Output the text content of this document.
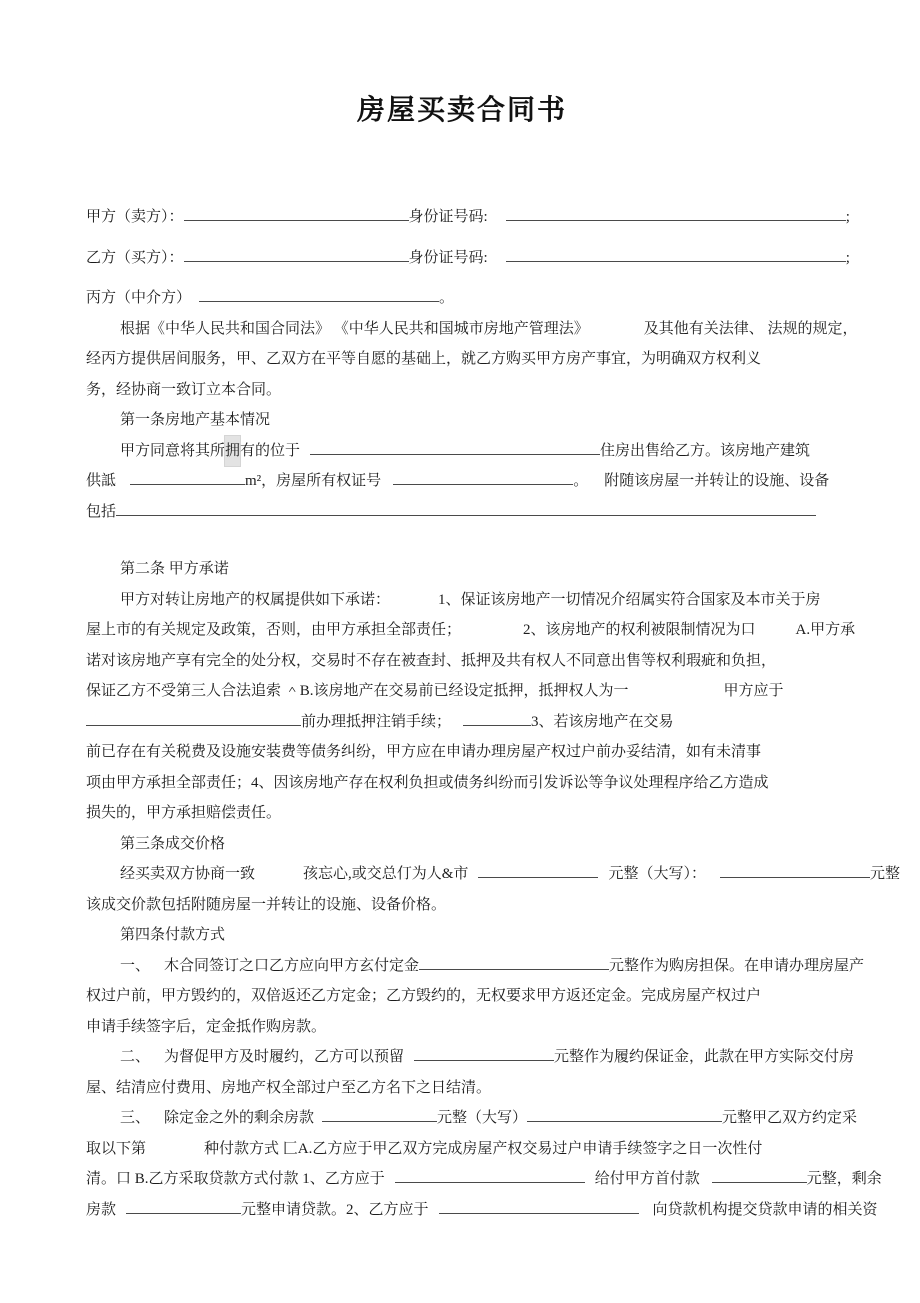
房屋买卖合同书
甲方（卖方）：	身份证号码:	;
乙方（买方）：	身份证号码:	;
丙方（中介方）	。
根据《中华人民共和国合同法》 《中华人民共和国城市房地产管理法》	及其他有关法律、 法规的规定，
经丙方提供居间服务，甲、乙双方在平等自愿的基础上，就乙方购买甲方房产事宜，为明确双方权利义
务，经协商一致订立本合同。
第一条房地产基本情况
甲方同意将其所拥有的位于	住房出售给乙方。该房地产建筑
供詆	m²，房屋所有权证号	。 附随该房屋一并转让的设施、设备
包括
第二条 甲方承诺
甲方对转让房地产的权属提供如下承诺：	1、保证该房地产一切情况介绍属实符合国家及本市关于房
屋上市的有关规定及政策，否则，由甲方承担全部责任；	2、该房地产的权利被限制情况为口	A.甲方承
诺对该房地产享有完全的处分权，交易时不存在被查封、抵押及共有权人不同意出售等权利瑕疵和负担，
保证乙方不受第三人合法追索 ＾B.该房地产在交易前已经设定抵押，抵押权人为一	甲方应于
前办理抵押注销手续；	3、若该房地产在交易
前已存在有关税费及设施安装费等债务纠纷，甲方应在申请办理房屋产权过户前办妥结清，如有未清事
项由甲方承担全部责任；4、因该房地产存在权利负担或债务纠纷而引发诉讼等争议处理程序给乙方造成
损失的，甲方承担赔偿责任。
第三条成交价格
经买卖双方协商一致	孩忘心,或交总仃为人&市	元整（大写）：	元整
该成交价款包括附随房屋一并转让的设施、设备价格。
第四条付款方式
一、 木合同签订之口乙方应向甲方玄付定金	元整作为购房担保。在申请办理房屋产
权过户前，甲方毁约的，双倍返还乙方定金；乙方毁约的，无权要求甲方返还定金。完成房屋产权过户
申请手续签字后，定金抵作购房款。
二、 为督促甲方及时履约，乙方可以预留	元整作为履约保证金，此款在甲方实际交付房
屋、结清应付费用、房地产权全部过户至乙方名下之日结清。
三、 除定金之外的剩余房款	元整（大写）	元整甲乙双方约定采
取以下第	种付款方式 匚A.乙方应于甲乙双方完成房屋产权交易过户申请手续签字之日一次性付
清。口 B.乙方采取贷款方式付款 1、乙方应于	给付甲方首付款	元整，剩余
房款	元整申请贷款。2、乙方应于	向贷款机构提交贷款申请的相关资
